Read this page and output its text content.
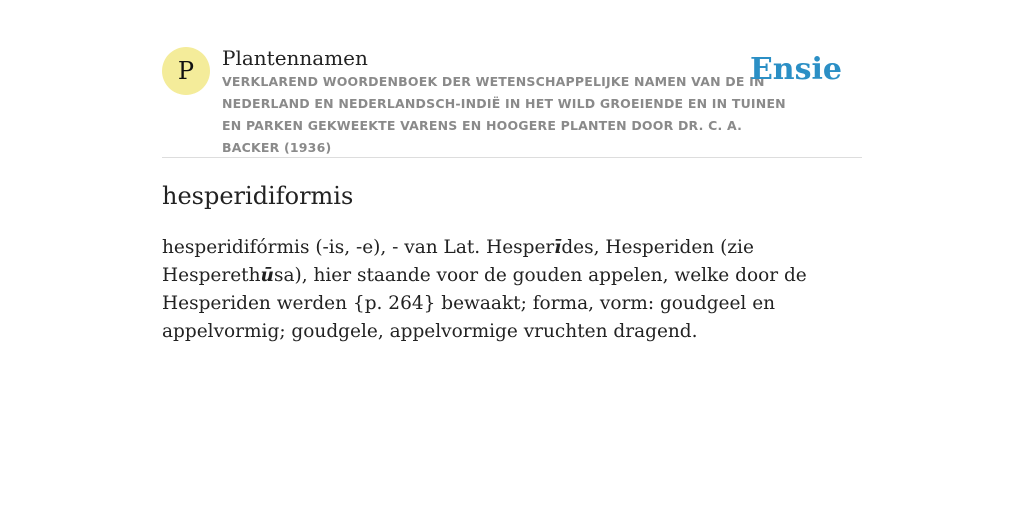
P	Plantennamen
VERKLAREND WOORDENBOEK DER WETENSCHAPPELIJKE NAMEN VAN DE IN NEDERLAND EN NEDERLANDSCH-INDIË IN HET WILD GROEIENDE EN IN TUINEN EN PARKEN GEKWEEKTE VARENS EN HOOGERE PLANTEN DOOR DR. C. A. BACKER (1936)
Ensie
hesperidiformis
hesperidifórmis (-is, -e), - van Lat. Hesperīdes, Hesperiden (zie Hesperethūsa), hier staande voor de gouden appelen, welke door de Hesperiden werden {p. 264} bewaakt; forma, vorm: goudgeel en appelvormig; goudgele, appelvormige vruchten dragend.
